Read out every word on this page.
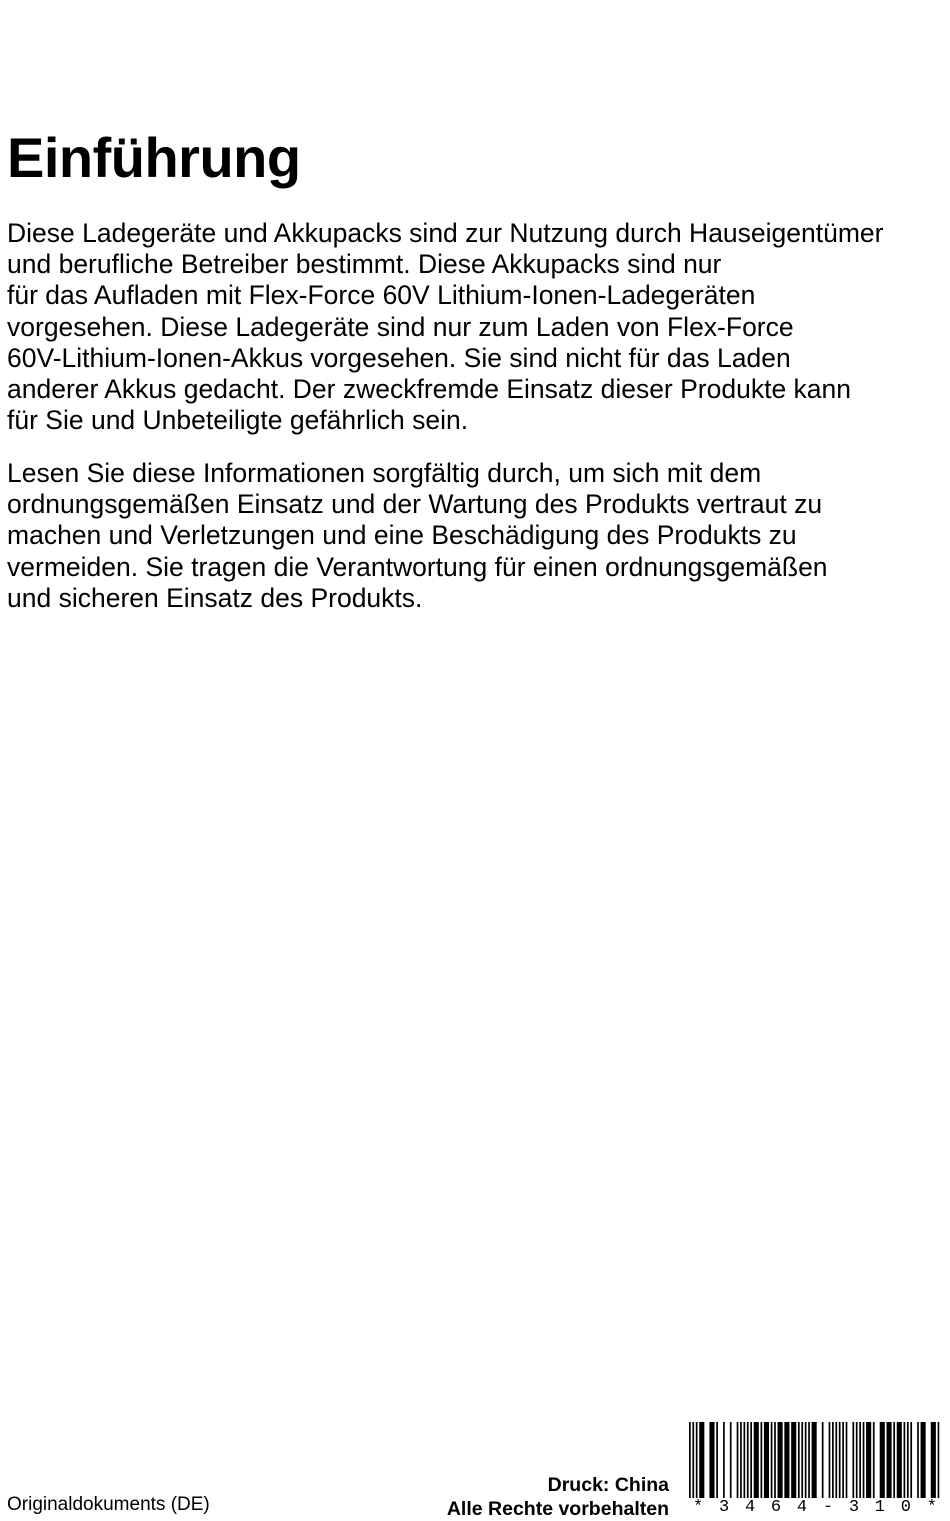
Einführung
Diese Ladegeräte und Akkupacks sind zur Nutzung durch Hauseigentümer
und berufliche Betreiber bestimmt. Diese Akkupacks sind nur
für das Aufladen mit Flex-Force 60V Lithium-Ionen-Ladegeräten
vorgesehen. Diese Ladegeräte sind nur zum Laden von Flex-Force
60V-Lithium-Ionen-Akkus vorgesehen. Sie sind nicht für das Laden
anderer Akkus gedacht. Der zweckfremde Einsatz dieser Produkte kann
für Sie und Unbeteiligte gefährlich sein.
Lesen Sie diese Informationen sorgfältig durch, um sich mit dem
ordnungsgemäßen Einsatz und der Wartung des Produkts vertraut zu
machen und Verletzungen und eine Beschädigung des Produkts zu
vermeiden. Sie tragen die Verantwortung für einen ordnungsgemäßen
und sicheren Einsatz des Produkts.
Originaldokuments (DE)
Druck: China
Alle Rechte vorbehalten * 3 4 6 4 - 3 1 0 *
